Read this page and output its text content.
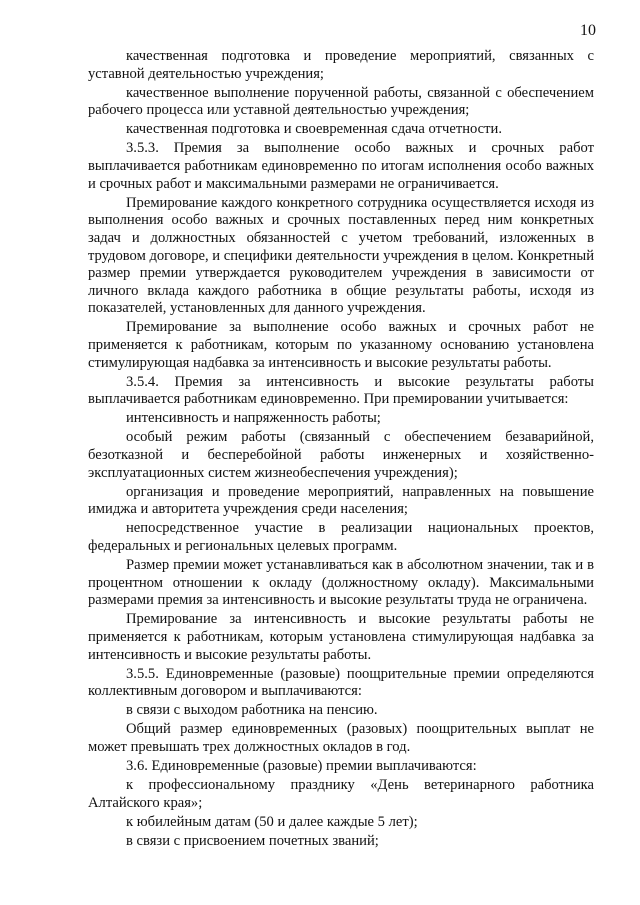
10

качественная подготовка и проведение мероприятий, связанных с уставной деятельностью учреждения;

качественное выполнение порученной работы, связанной с обеспечением рабочего процесса или уставной деятельностью учреждения;

качественная подготовка и своевременная сдача отчетности.

3.5.3. Премия за выполнение особо важных и срочных работ выплачивается работникам единовременно по итогам исполнения особо важных и срочных работ и максимальными размерами не ограничивается.

Премирование каждого конкретного сотрудника осуществляется исходя из выполнения особо важных и срочных поставленных перед ним конкретных задач и должностных обязанностей с учетом требований, изложенных в трудовом договоре, и специфики деятельности учреждения в целом. Конкретный размер премии утверждается руководителем учреждения в зависимости от личного вклада каждого работника в общие результаты работы, исходя из показателей, установленных для данного учреждения.

Премирование за выполнение особо важных и срочных работ не применяется к работникам, которым по указанному основанию установлена стимулирующая надбавка за интенсивность и высокие результаты работы.

3.5.4. Премия за интенсивность и высокие результаты работы выплачивается работникам единовременно. При премировании учитывается:

интенсивность и напряженность работы;

особый режим работы (связанный с обеспечением безаварийной, безотказной и бесперебойной работы инженерных и хозяйственно-эксплуатационных систем жизнеобеспечения учреждения);

организация и проведение мероприятий, направленных на повышение имиджа и авторитета учреждения среди населения;

непосредственное участие в реализации национальных проектов, федеральных и региональных целевых программ.

Размер премии может устанавливаться как в абсолютном значении, так и в процентном отношении к окладу (должностному окладу). Максимальными размерами премия за интенсивность и высокие результаты труда не ограничена.

Премирование за интенсивность и высокие результаты работы не применяется к работникам, которым установлена стимулирующая надбавка за интенсивность и высокие результаты работы.

3.5.5. Единовременные (разовые) поощрительные премии определяются коллективным договором и выплачиваются:

в связи с выходом работника на пенсию.

Общий размер единовременных (разовых) поощрительных выплат не может превышать трех должностных окладов в год.

3.6. Единовременные (разовые) премии выплачиваются:

к профессиональному празднику «День ветеринарного работника Алтайского края»;

к юбилейным датам (50 и далее каждые 5 лет);

в связи с присвоением почетных званий;
